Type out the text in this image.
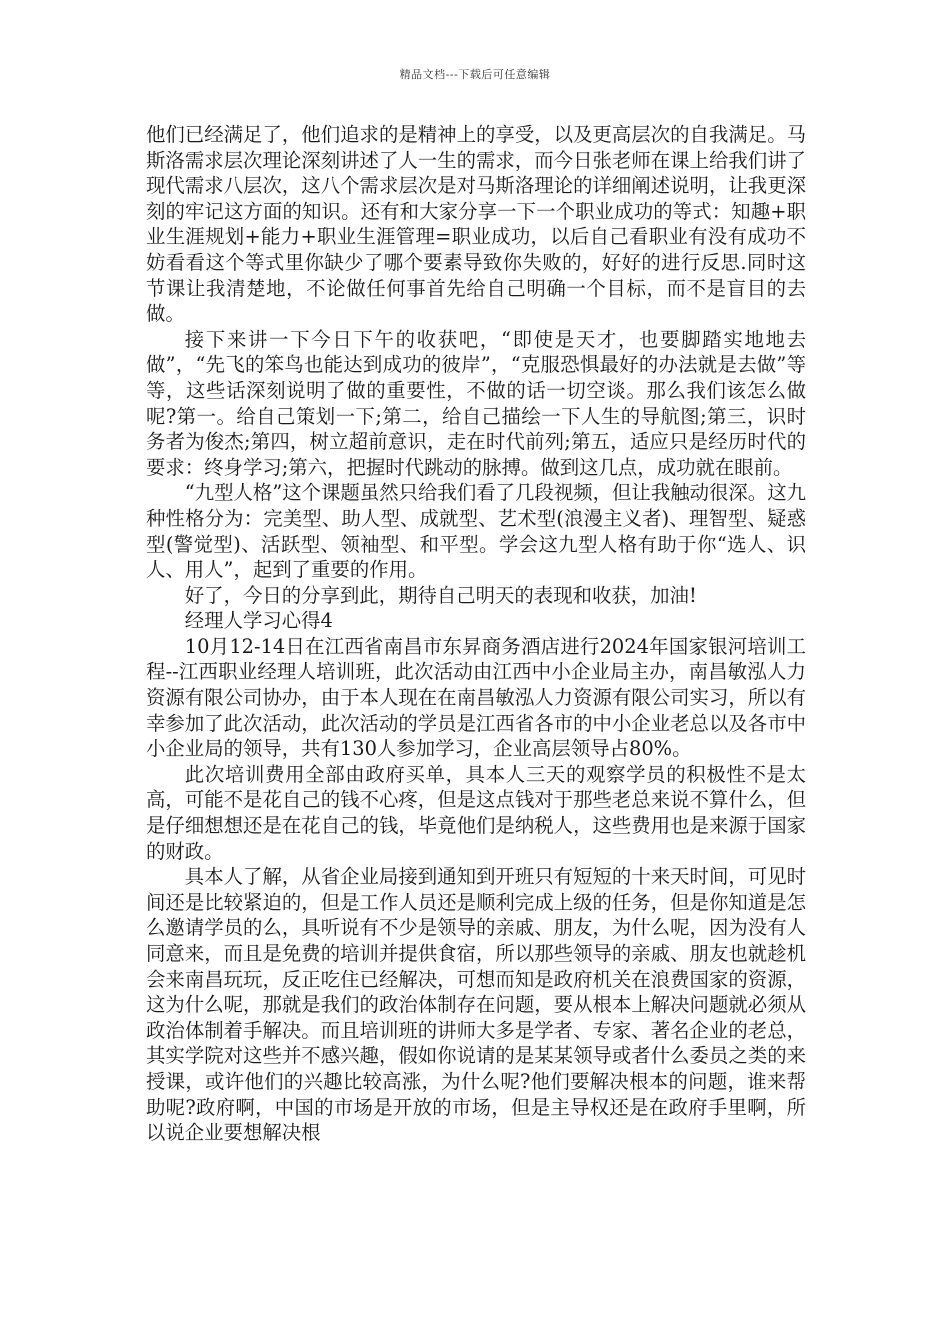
精品文档---下载后可任意编辑

他们已经满足了，他们追求的是精神上的享受，以及更高层次的自我满足。马斯洛需求层次理论深刻讲述了人一生的需求，而今日张老师在课上给我们讲了现代需求八层次，这八个需求层次是对马斯洛理论的详细阐述说明，让我更深刻的牢记这方面的知识。还有和大家分享一下一个职业成功的等式：知趣+职业生涯规划+能力+职业生涯管理=职业成功，以后自己看职业有没有成功不妨看看这个等式里你缺少了哪个要素导致你失败的，好好的进行反思.同时这节课让我清楚地，不论做任何事首先给自己明确一个目标，而不是盲目的去做。

接下来讲一下今日下午的收获吧，“即使是天才，也要脚踏实地地去做”，“先飞的笨鸟也能达到成功的彼岸”，“克服恐惧最好的办法就是去做”等等，这些话深刻说明了做的重要性，不做的话一切空谈。那么我们该怎么做呢?第一。给自己策划一下;第二，给自己描绘一下人生的导航图;第三，识时务者为俊杰;第四，树立超前意识，走在时代前列;第五，适应只是经历时代的要求：终身学习;第六，把握时代跳动的脉搏。做到这几点，成功就在眼前。

“九型人格”这个课题虽然只给我们看了几段视频，但让我触动很深。这九种性格分为：完美型、助人型、成就型、艺术型(浪漫主义者)、理智型、疑惑型(警觉型)、活跃型、领袖型、和平型。学会这九型人格有助于你“选人、识人、用人”，起到了重要的作用。

好了，今日的分享到此，期待自己明天的表现和收获，加油!

经理人学习心得4

10月12-14日在江西省南昌市东昇商务酒店进行2024年国家银河培训工程--江西职业经理人培训班，此次活动由江西中小企业局主办，南昌敏泓人力资源有限公司协办，由于本人现在在南昌敏泓人力资源有限公司实习，所以有幸参加了此次活动，此次活动的学员是江西省各市的中小企业老总以及各市中小企业局的领导，共有130人参加学习，企业高层领导占80%。

此次培训费用全部由政府买单，具本人三天的观察学员的积极性不是太高，可能不是花自己的钱不心疼，但是这点钱对于那些老总来说不算什么，但是仔细想想还是在花自己的钱，毕竟他们是纳税人，这些费用也是来源于国家的财政。

具本人了解，从省企业局接到通知到开班只有短短的十来天时间，可见时间还是比较紧迫的，但是工作人员还是顺利完成上级的任务，但是你知道是怎么邀请学员的么，具听说有不少是领导的亲戚、朋友，为什么呢，因为没有人同意来，而且是免费的培训并提供食宿，所以那些领导的亲戚、朋友也就趁机会来南昌玩玩，反正吃住已经解决，可想而知是政府机关在浪费国家的资源，这为什么呢，那就是我们的政治体制存在问题，要从根本上解决问题就必须从政治体制着手解决。而且培训班的讲师大多是学者、专家、著名企业的老总，其实学院对这些并不感兴趣，假如你说请的是某某领导或者什么委员之类的来授课，或许他们的兴趣比较高涨，为什么呢?他们要解决根本的问题，谁来帮助呢?政府啊，中国的市场是开放的市场，但是主导权还是在政府手里啊，所以说企业要想解决根
